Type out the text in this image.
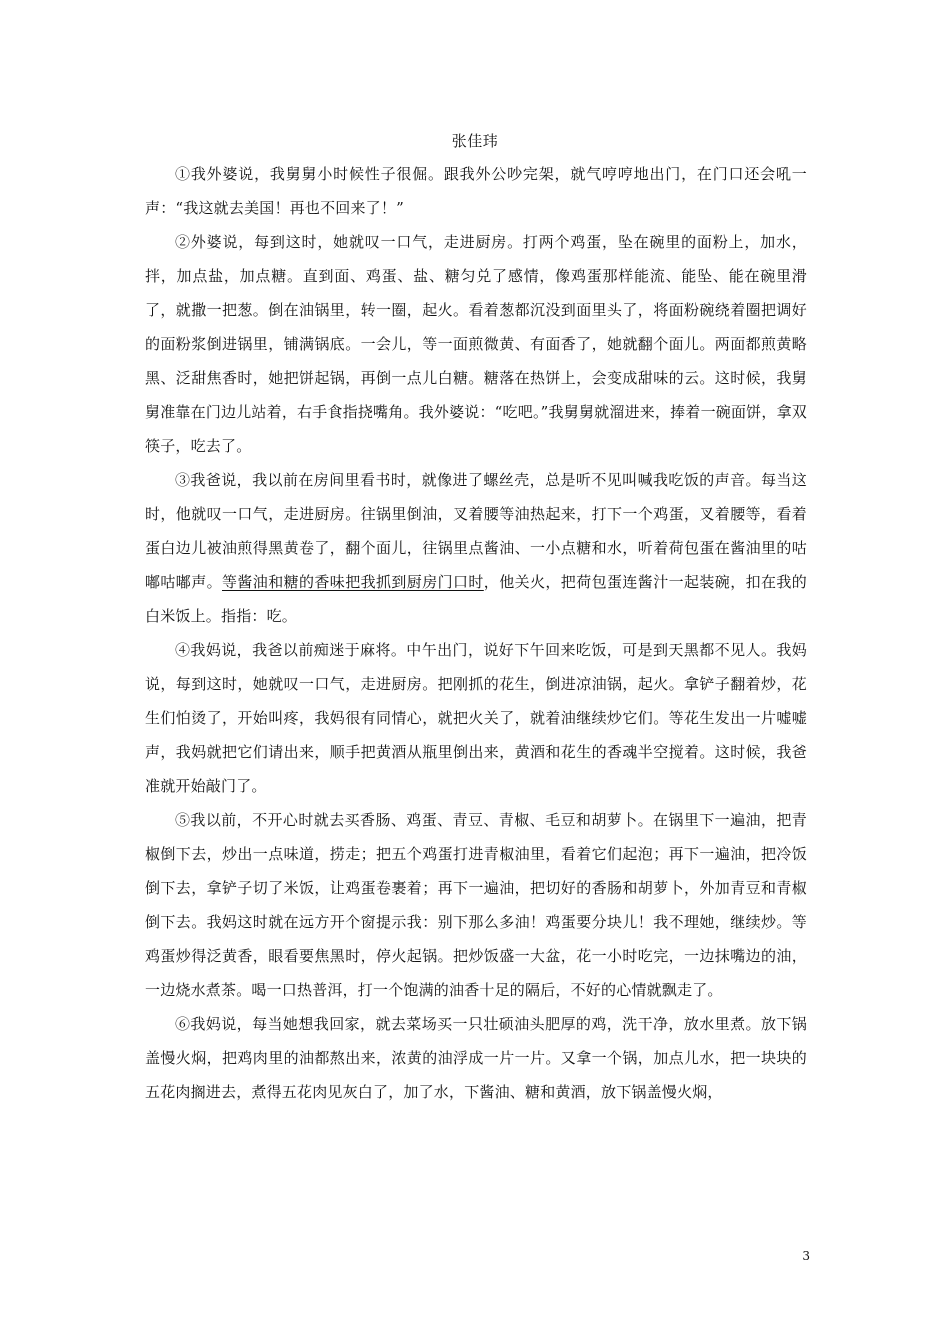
张佳玮

①我外婆说，我舅舅小时候性子很倔。跟我外公吵完架，就气哼哼地出门，在门口还会吼一声：“我这就去美国！再也不回来了！”

②外婆说，每到这时，她就叹一口气，走进厨房。打两个鸡蛋，坠在碗里的面粉上，加水，拌，加点盐，加点糖。直到面、鸡蛋、盐、糖匀兑了感情，像鸡蛋那样能流、能坠、能在碗里滑了，就撒一把葱。倒在油锅里，转一圈，起火。看着葱都沉没到面里头了，将面粉碗绕着圈把调好的面粉浆倒进锅里，铺满锅底。一会儿，等一面煎微黄、有面香了，她就翻个面儿。两面都煎黄略黑、泛甜焦香时，她把饼起锅，再倒一点儿白糖。糖落在热饼上，会变成甜味的云。这时候，我舅舅准靠在门边儿站着，右手食指挠嘴角。我外婆说：“吃吧。”我舅舅就溜进来，捧着一碗面饼，拿双筷子，吃去了。

③我爸说，我以前在房间里看书时，就像进了螺丝壳，总是听不见叫喊我吃饭的声音。每当这时，他就叹一口气，走进厨房。往锅里倒油，叉着腰等油热起来，打下一个鸡蛋，叉着腰等，看着蛋白边儿被油煎得黑黄卷了，翻个面儿，往锅里点酱油、一小点糖和水，听着荷包蛋在酱油里的咕嘟咕嘟声。等酱油和糖的香味把我抓到厨房门口时，他关火，把荷包蛋连酱汁一起装碗，扣在我的白米饭上。指指：吃。

④我妈说，我爸以前痴迷于麻将。中午出门，说好下午回来吃饭，可是到天黑都不见人。我妈说，每到这时，她就叹一口气，走进厨房。把刚抓的花生，倒进凉油锅，起火。拿铲子翻着炒，花生们怕烫了，开始叫疼，我妈很有同情心，就把火关了，就着油继续炒它们。等花生发出一片嘘嘘声，我妈就把它们请出来，顺手把黄酒从瓶里倒出来，黄酒和花生的香魂半空搅着。这时候，我爸准就开始敲门了。

⑤我以前，不开心时就去买香肠、鸡蛋、青豆、青椒、毛豆和胡萝卜。在锅里下一遍油，把青椒倒下去，炒出一点味道，捞走；把五个鸡蛋打进青椒油里，看着它们起泡；再下一遍油，把冷饭倒下去，拿铲子切了米饭，让鸡蛋卷裹着；再下一遍油，把切好的香肠和胡萝卜，外加青豆和青椒倒下去。我妈这时就在远方开个窗提示我：别下那么多油！鸡蛋要分块儿！我不理她，继续炒。等鸡蛋炒得泛黄香，眼看要焦黑时，停火起锅。把炒饭盛一大盆，花一小时吃完，一边抹嘴边的油，一边烧水煮茶。喝一口热普洱，打一个饱满的油香十足的隔后，不好的心情就飘走了。

⑥我妈说，每当她想我回家，就去菜场买一只壮硕油头肥厚的鸡，洗干净，放水里煮。放下锅盖慢火焖，把鸡肉里的油都熬出来，浓黄的油浮成一片一片。又拿一个锅，加点儿水，把一块块的五花肉搁进去，煮得五花肉见灰白了，加了水，下酱油、糖和黄酒，放下锅盖慢火焖，

3
